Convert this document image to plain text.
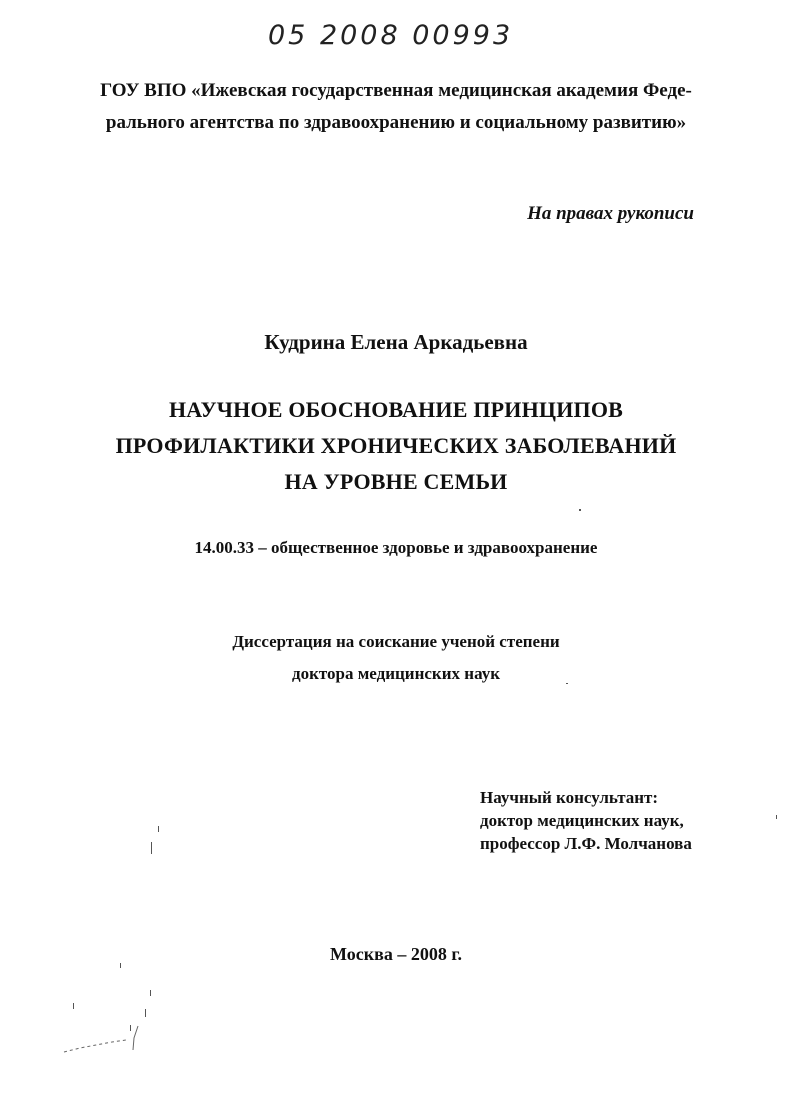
05 2008 00993
ГОУ ВПО «Ижевская государственная медицинская академия Феде-
рального агентства по здравоохранению и социальному развитию»
На правах рукописи
Кудрина Елена Аркадьевна
НАУЧНОЕ ОБОСНОВАНИЕ ПРИНЦИПОВ
ПРОФИЛАКТИКИ ХРОНИЧЕСКИХ ЗАБОЛЕВАНИЙ
НА УРОВНЕ СЕМЬИ
14.00.33 – общественное здоровье и здравоохранение
Диссертация на соискание ученой степени
доктора медицинских наук
Научный консультант:
доктор медицинских наук,
профессор Л.Ф. Молчанова
Москва – 2008 г.
